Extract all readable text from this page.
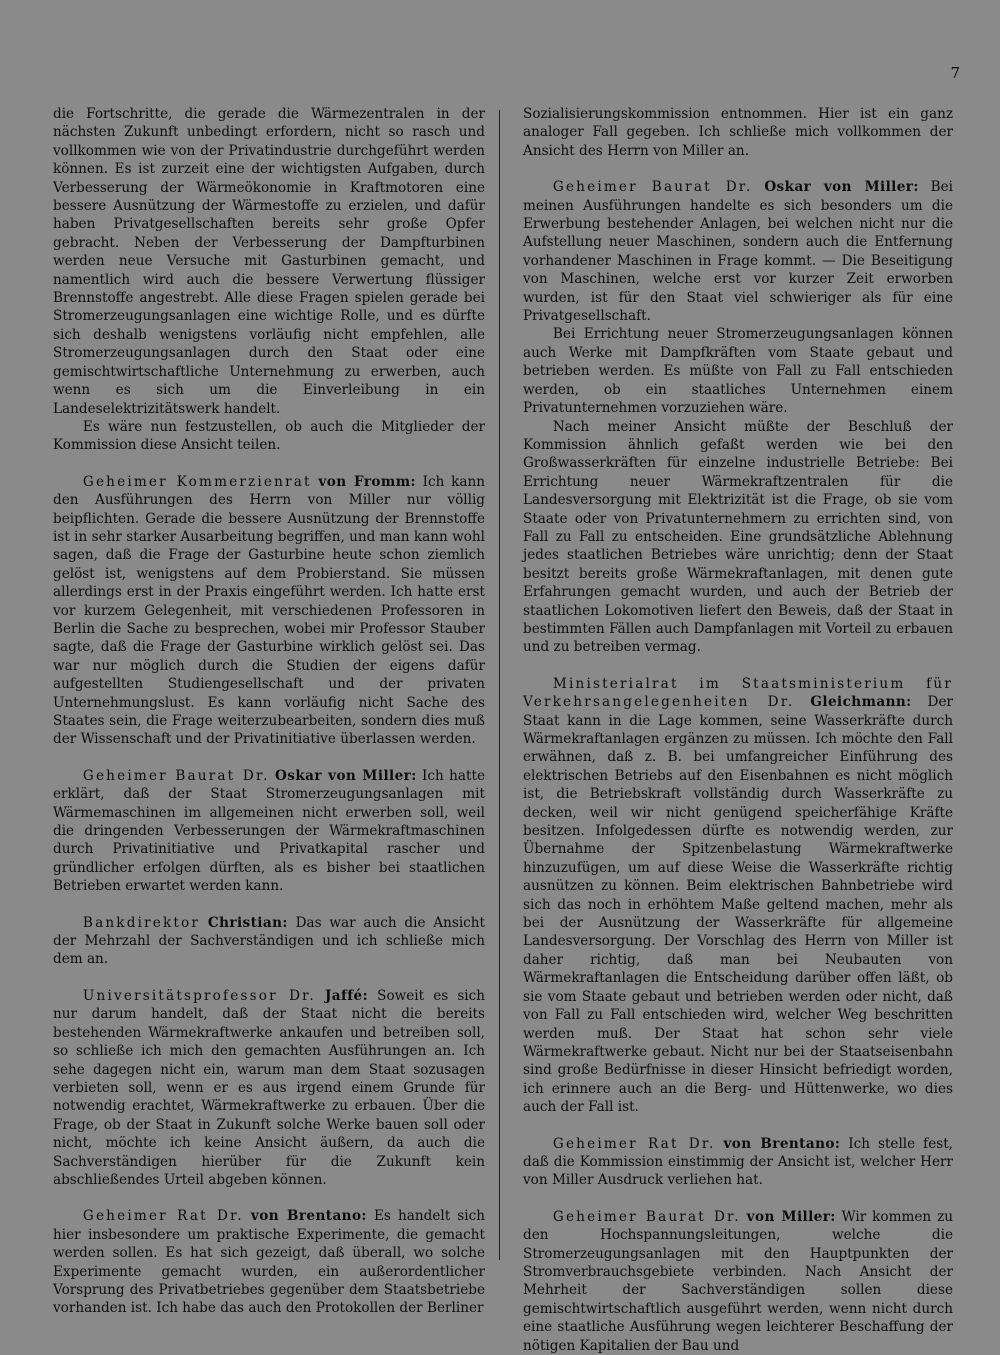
7

die Fortschritte, die gerade die Wärmezentralen in der nächsten Zukunft unbedingt erfordern, nicht so rasch und vollkommen wie von der Privatindustrie durchgeführt werden können. Es ist zurzeit eine der wichtigsten Aufgaben, durch Verbesserung der Wärmeökonomie in Kraftmotoren eine bessere Ausnützung der Wärmestoffe zu erzielen, und dafür haben Privatgesellschaften bereits sehr große Opfer gebracht. Neben der Verbesserung der Dampfturbinen werden neue Versuche mit Gasturbinen gemacht, und namentlich wird auch die bessere Verwertung flüssiger Brennstoffe angestrebt. Alle diese Fragen spielen gerade bei Stromerzeugungsanlagen eine wichtige Rolle, und es dürfte sich deshalb wenigstens vorläufig nicht empfehlen, alle Stromerzeugungsanlagen durch den Staat oder eine gemischtwirtschaftliche Unternehmung zu erwerben, auch wenn es sich um die Einverleibung in ein Landeselektrizitätswerk handelt.

Es wäre nun festzustellen, ob auch die Mitglieder der Kommission diese Ansicht teilen.

Geheimer Kommerzienrat von Fromm: Ich kann den Ausführungen des Herrn von Miller nur völlig beipflichten. Gerade die bessere Ausnützung der Brennstoffe ist in sehr starker Ausarbeitung begriffen, und man kann wohl sagen, daß die Frage der Gasturbine heute schon ziemlich gelöst ist, wenigstens auf dem Probierstand. Sie müssen allerdings erst in der Praxis eingeführt werden. Ich hatte erst vor kurzem Gelegenheit, mit verschiedenen Professoren in Berlin die Sache zu besprechen, wobei mir Professor Stauber sagte, daß die Frage der Gasturbine wirklich gelöst sei. Das war nur möglich durch die Studien der eigens dafür aufgestellten Studiengesellschaft und der privaten Unternehmungslust. Es kann vorläufig nicht Sache des Staates sein, die Frage weiterzubearbeiten, sondern dies muß der Wissenschaft und der Privatinitiative überlassen werden.

Geheimer Baurat Dr. Oskar von Miller: Ich hatte erklärt, daß der Staat Stromerzeugungsanlagen mit Wärmemaschinen im allgemeinen nicht erwerben soll, weil die dringenden Verbesserungen der Wärmekraftmaschinen durch Privatinitiative und Privatkapital rascher und gründlicher erfolgen dürften, als es bisher bei staatlichen Betrieben erwartet werden kann.

Bankdirektor Christian: Das war auch die Ansicht der Mehrzahl der Sachverständigen und ich schließe mich dem an.

Universitätsprofessor Dr. Jaffé: Soweit es sich nur darum handelt, daß der Staat nicht die bereits bestehenden Wärmekraftwerke ankaufen und betreiben soll, so schließe ich mich den gemachten Ausführungen an. Ich sehe dagegen nicht ein, warum man dem Staat sozusagen verbieten soll, wenn er es aus irgend einem Grunde für notwendig erachtet, Wärmekraftwerke zu erbauen. Über die Frage, ob der Staat in Zukunft solche Werke bauen soll oder nicht, möchte ich keine Ansicht äußern, da auch die Sachverständigen hierüber für die Zukunft kein abschließendes Urteil abgeben können.

Geheimer Rat Dr. von Brentano: Es handelt sich hier insbesondere um praktische Experimente, die gemacht werden sollen. Es hat sich gezeigt, daß überall, wo solche Experimente gemacht wurden, ein außerordentlicher Vorsprung des Privatbetriebes gegenüber dem Staatsbetriebe vorhanden ist. Ich habe das auch den Protokollen der Berliner

Sozialisierungskommission entnommen. Hier ist ein ganz analoger Fall gegeben. Ich schließe mich vollkommen der Ansicht des Herrn von Miller an.

Geheimer Baurat Dr. Oskar von Miller: Bei meinen Ausführungen handelte es sich besonders um die Erwerbung bestehender Anlagen, bei welchen nicht nur die Aufstellung neuer Maschinen, sondern auch die Entfernung vorhandener Maschinen in Frage kommt. — Die Beseitigung von Maschinen, welche erst vor kurzer Zeit erworben wurden, ist für den Staat viel schwieriger als für eine Privatgesellschaft.

Bei Errichtung neuer Stromerzeugungsanlagen können auch Werke mit Dampfkräften vom Staate gebaut und betrieben werden. Es müßte von Fall zu Fall entschieden werden, ob ein staatliches Unternehmen einem Privatunternehmen vorzuziehen wäre.

Nach meiner Ansicht müßte der Beschluß der Kommission ähnlich gefaßt werden wie bei den Großwasserkräften für einzelne industrielle Betriebe: Bei Errichtung neuer Wärmekraftzentralen für die Landesversorgung mit Elektrizität ist die Frage, ob sie vom Staate oder von Privatunternehmern zu errichten sind, von Fall zu Fall zu entscheiden. Eine grundsätzliche Ablehnung jedes staatlichen Betriebes wäre unrichtig; denn der Staat besitzt bereits große Wärmekraftanlagen, mit denen gute Erfahrungen gemacht wurden, und auch der Betrieb der staatlichen Lokomotiven liefert den Beweis, daß der Staat in bestimmten Fällen auch Dampfanlagen mit Vorteil zu erbauen und zu betreiben vermag.

Ministerialrat im Staatsministerium für Verkehrsangelegenheiten Dr. Gleichmann: Der Staat kann in die Lage kommen, seine Wasserkräfte durch Wärmekraftanlagen ergänzen zu müssen. Ich möchte den Fall erwähnen, daß z. B. bei umfangreicher Einführung des elektrischen Betriebs auf den Eisenbahnen es nicht möglich ist, die Betriebskraft vollständig durch Wasserkräfte zu decken, weil wir nicht genügend speicherfähige Kräfte besitzen. Infolgedessen dürfte es notwendig werden, zur Übernahme der Spitzenbelastung Wärmekraftwerke hinzuzufügen, um auf diese Weise die Wasserkräfte richtig ausnützen zu können. Beim elektrischen Bahnbetriebe wird sich das noch in erhöhtem Maße geltend machen, mehr als bei der Ausnützung der Wasserkräfte für allgemeine Landesversorgung. Der Vorschlag des Herrn von Miller ist daher richtig, daß man bei Neubauten von Wärmekraftanlagen die Entscheidung darüber offen läßt, ob sie vom Staate gebaut und betrieben werden oder nicht, daß von Fall zu Fall entschieden wird, welcher Weg beschritten werden muß. Der Staat hat schon sehr viele Wärmekraftwerke gebaut. Nicht nur bei der Staatseisenbahn sind große Bedürfnisse in dieser Hinsicht befriedigt worden, ich erinnere auch an die Berg- und Hüttenwerke, wo dies auch der Fall ist.

Geheimer Rat Dr. von Brentano: Ich stelle fest, daß die Kommission einstimmig der Ansicht ist, welcher Herr von Miller Ausdruck verliehen hat.

Geheimer Baurat Dr. von Miller: Wir kommen zu den Hochspannungsleitungen, welche die Stromerzeugungsanlagen mit den Hauptpunkten der Stromverbrauchsgebiete verbinden. Nach Ansicht der Mehrheit der Sachverständigen sollen diese gemischtwirtschaftlich ausgeführt werden, wenn nicht durch eine staatliche Ausführung wegen leichterer Beschaffung der nötigen Kapitalien der Bau und
